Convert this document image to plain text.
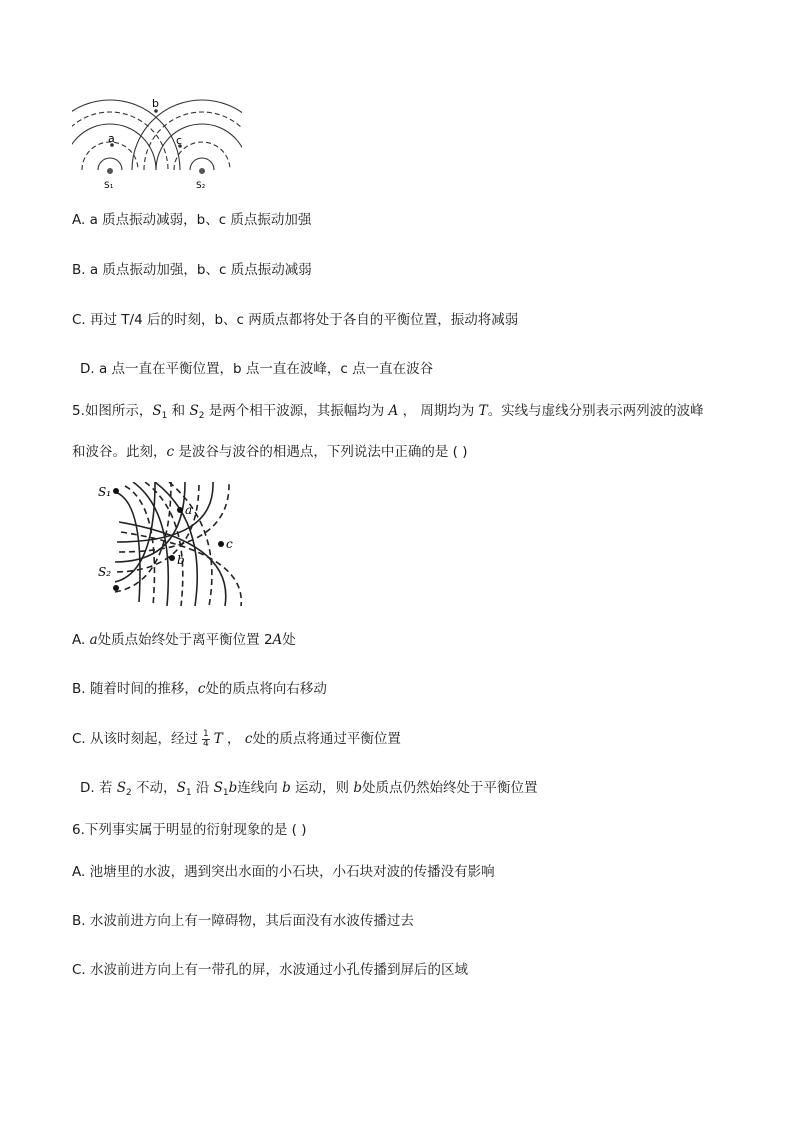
a
b
c
S₁	S₂
A. a 质点振动减弱，b、c 质点振动加强
B. a 质点振动加强，b、c 质点振动减弱
C. 再过 T/4 后的时刻，b、c 两质点都将处于各自的平衡位置，振动将减弱
D. a 点一直在平衡位置，b 点一直在波峰，c 点一直在波谷
5.如图所示，$S_1$ 和 $S_2$ 是两个相干波源，其振幅均为 A ， 周期均为 T。实线与虚线分别表示两列波的波峰
和波谷。此刻，c 是波谷与波谷的相遇点，下列说法中正确的是 ( )
S₁
S₂
a
b
c
A. a处质点始终处于离平衡位置 2A处
B. 随着时间的推移，c处的质点将向右移动
C. 从该时刻起，经过 $\frac{1}{4}$ T ， c处的质点将通过平衡位置
D. 若 $S_2$ 不动，$S_1$ 沿 $S_1b$连线向 b 运动，则 b处质点仍然始终处于平衡位置
6.下列事实属于明显的衍射现象的是 ( )
A. 池塘里的水波，遇到突出水面的小石块，小石块对波的传播没有影响
B. 水波前进方向上有一障碍物，其后面没有水波传播过去
C. 水波前进方向上有一带孔的屏，水波通过小孔传播到屏后的区域
